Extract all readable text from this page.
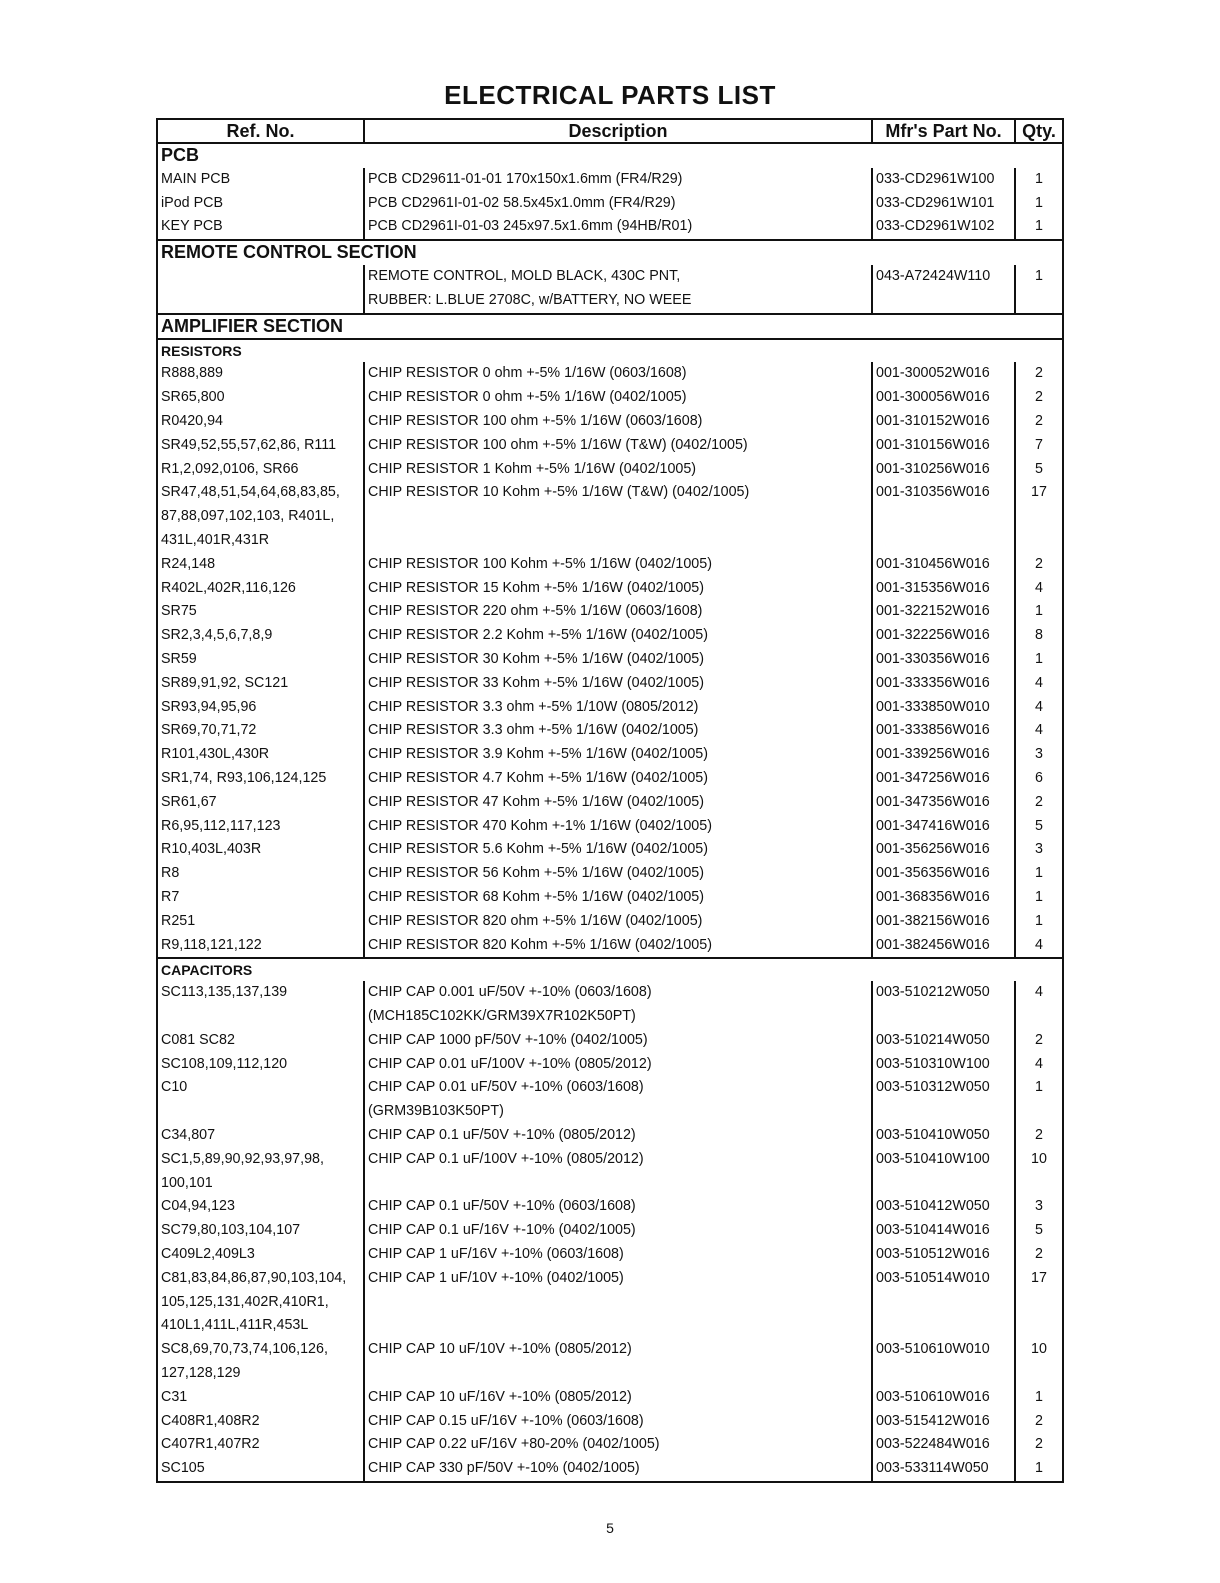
ELECTRICAL PARTS LIST
Ref. No.	Description	Mfr's Part No.	Qty.
PCB			
MAIN PCB	PCB CD29611-01-01 170x150x1.6mm (FR4/R29)	033-CD2961W100	1
iPod PCB	PCB CD2961I-01-02 58.5x45x1.0mm (FR4/R29)	033-CD2961W101	1
KEY PCB	PCB CD2961I-01-03 245x97.5x1.6mm (94HB/R01)	033-CD2961W102	1
REMOTE CONTROL SECTION			
	REMOTE CONTROL, MOLD BLACK, 430C PNT,	043-A72424W110	1
	RUBBER: L.BLUE 2708C, w/BATTERY, NO WEEE		
AMPLIFIER SECTION			
RESISTORS			
R888,889	CHIP RESISTOR 0 ohm +-5% 1/16W (0603/1608)	001-300052W016	2
SR65,800	CHIP RESISTOR 0 ohm +-5% 1/16W (0402/1005)	001-300056W016	2
R0420,94	CHIP RESISTOR 100 ohm +-5% 1/16W (0603/1608)	001-310152W016	2
SR49,52,55,57,62,86, R111	CHIP RESISTOR 100 ohm +-5% 1/16W (T&W) (0402/1005)	001-310156W016	7
R1,2,092,0106, SR66	CHIP RESISTOR 1 Kohm +-5% 1/16W (0402/1005)	001-310256W016	5
SR47,48,51,54,64,68,83,85,	CHIP RESISTOR 10 Kohm +-5% 1/16W (T&W) (0402/1005)	001-310356W016	17
87,88,097,102,103, R401L,			
431L,401R,431R			
R24,148	CHIP RESISTOR 100 Kohm +-5% 1/16W (0402/1005)	001-310456W016	2
R402L,402R,116,126	CHIP RESISTOR 15 Kohm +-5% 1/16W (0402/1005)	001-315356W016	4
SR75	CHIP RESISTOR 220 ohm +-5% 1/16W (0603/1608)	001-322152W016	1
SR2,3,4,5,6,7,8,9	CHIP RESISTOR 2.2 Kohm +-5% 1/16W (0402/1005)	001-322256W016	8
SR59	CHIP RESISTOR 30 Kohm +-5% 1/16W (0402/1005)	001-330356W016	1
SR89,91,92, SC121	CHIP RESISTOR 33 Kohm +-5% 1/16W (0402/1005)	001-333356W016	4
SR93,94,95,96	CHIP RESISTOR 3.3 ohm +-5% 1/10W (0805/2012)	001-333850W010	4
SR69,70,71,72	CHIP RESISTOR 3.3 ohm +-5% 1/16W (0402/1005)	001-333856W016	4
R101,430L,430R	CHIP RESISTOR 3.9 Kohm +-5% 1/16W (0402/1005)	001-339256W016	3
SR1,74, R93,106,124,125	CHIP RESISTOR 4.7 Kohm +-5% 1/16W (0402/1005)	001-347256W016	6
SR61,67	CHIP RESISTOR 47 Kohm +-5% 1/16W (0402/1005)	001-347356W016	2
R6,95,112,117,123	CHIP RESISTOR 470 Kohm +-1% 1/16W (0402/1005)	001-347416W016	5
R10,403L,403R	CHIP RESISTOR 5.6 Kohm +-5% 1/16W (0402/1005)	001-356256W016	3
R8	CHIP RESISTOR 56 Kohm +-5% 1/16W (0402/1005)	001-356356W016	1
R7	CHIP RESISTOR 68 Kohm +-5% 1/16W (0402/1005)	001-368356W016	1
R251	CHIP RESISTOR 820 ohm +-5% 1/16W (0402/1005)	001-382156W016	1
R9,118,121,122	CHIP RESISTOR 820 Kohm +-5% 1/16W (0402/1005)	001-382456W016	4
CAPACITORS			
SC113,135,137,139	CHIP CAP 0.001 uF/50V +-10% (0603/1608)	003-510212W050	4
	(MCH185C102KK/GRM39X7R102K50PT)		
C081 SC82	CHIP CAP 1000 pF/50V +-10% (0402/1005)	003-510214W050	2
SC108,109,112,120	CHIP CAP 0.01 uF/100V +-10% (0805/2012)	003-510310W100	4
C10	CHIP CAP 0.01 uF/50V +-10% (0603/1608)	003-510312W050	1
	(GRM39B103K50PT)		
C34,807	CHIP CAP 0.1 uF/50V +-10% (0805/2012)	003-510410W050	2
SC1,5,89,90,92,93,97,98,	CHIP CAP 0.1 uF/100V +-10% (0805/2012)	003-510410W100	10
100,101			
C04,94,123	CHIP CAP 0.1 uF/50V +-10% (0603/1608)	003-510412W050	3
SC79,80,103,104,107	CHIP CAP 0.1 uF/16V +-10% (0402/1005)	003-510414W016	5
C409L2,409L3	CHIP CAP 1 uF/16V +-10% (0603/1608)	003-510512W016	2
C81,83,84,86,87,90,103,104,	CHIP CAP 1 uF/10V +-10% (0402/1005)	003-510514W010	17
105,125,131,402R,410R1,			
410L1,411L,411R,453L			
SC8,69,70,73,74,106,126,	CHIP CAP 10 uF/10V +-10% (0805/2012)	003-510610W010	10
127,128,129			
C31	CHIP CAP 10 uF/16V +-10% (0805/2012)	003-510610W016	1
C408R1,408R2	CHIP CAP 0.15 uF/16V +-10% (0603/1608)	003-515412W016	2
C407R1,407R2	CHIP CAP 0.22 uF/16V +80-20% (0402/1005)	003-522484W016	2
SC105	CHIP CAP 330 pF/50V +-10% (0402/1005)	003-533114W050	1
5
